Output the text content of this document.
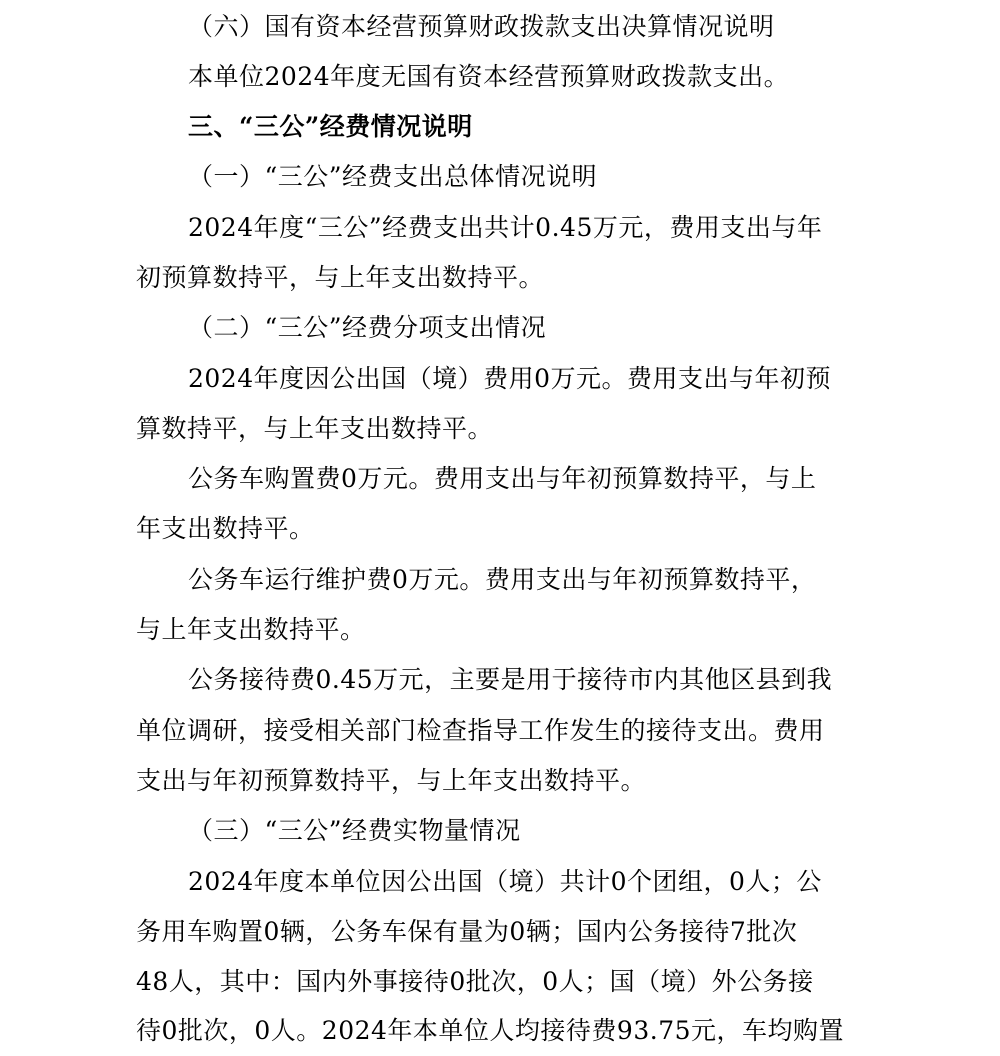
（六）国有资本经营预算财政拨款支出决算情况说明
本单位2024年度无国有资本经营预算财政拨款支出。
三、“三公”经费情况说明
（一）“三公”经费支出总体情况说明
2024年度“三公”经费支出共计0.45万元，费用支出与年
初预算数持平，与上年支出数持平。
（二）“三公”经费分项支出情况
2024年度因公出国（境）费用0万元。费用支出与年初预
算数持平，与上年支出数持平。
公务车购置费0万元。费用支出与年初预算数持平，与上
年支出数持平。
公务车运行维护费0万元。费用支出与年初预算数持平，
与上年支出数持平。
公务接待费0.45万元，主要是用于接待市内其他区县到我
单位调研，接受相关部门检查指导工作发生的接待支出。费用
支出与年初预算数持平，与上年支出数持平。
（三）“三公”经费实物量情况
2024年度本单位因公出国（境）共计0个团组，0人；公
务用车购置0辆，公务车保有量为0辆；国内公务接待7批次
48人，其中：国内外事接待0批次，0人；国（境）外公务接
待0批次，0人。2024年本单位人均接待费93.75元，车均购置
